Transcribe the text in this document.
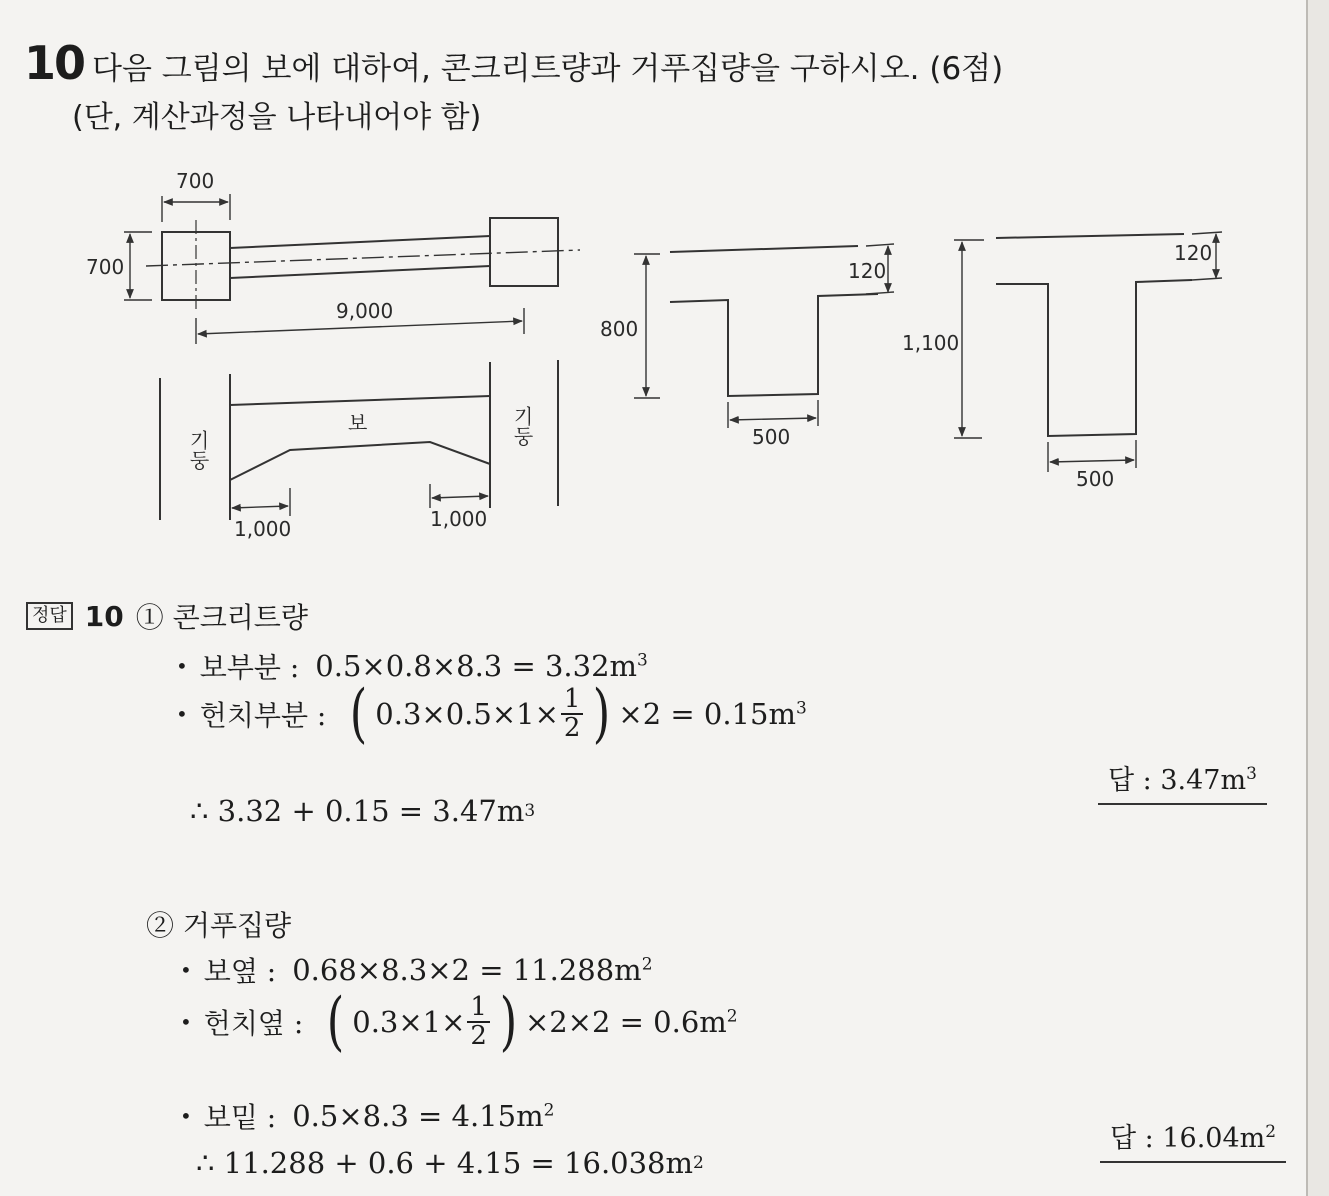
10 다음 그림의 보에 대하여, 콘크리트량과 거푸집량을 구하시오. (6점)
(단, 계산과정을 나타내어야 함)
700
700
9,000
기둥
기둥
보
1,000	1,000
800
120
500
1,100
120
500
정답 10 ① 콘크리트량
• 보부분 : $0.5\times 0.8\times 8.3 = 3.32m^3$
• 헌치부분 : ( $0.3\times 0.5\times 1\times \frac{1}{2}$ ) $\times 2 = 0.15m^3$
∴ 3.32 + 0.15 = 3.47m 3
답 : $3.47m^3$
② 거푸집량
• 보옆 : $0.68\times 8.3\times 2 = 11.288m^2$
• 헌치옆 : ( $0.3\times 1\times \frac{1}{2}$ ) $\times 2\times 2 = 0.6m^2$
• 보밑 : $0.5\times 8.3 = 4.15m^2$
∴ 11.288 + 0.6 + 4.15 = 16.038m 2
답 : $16.04m^2$
